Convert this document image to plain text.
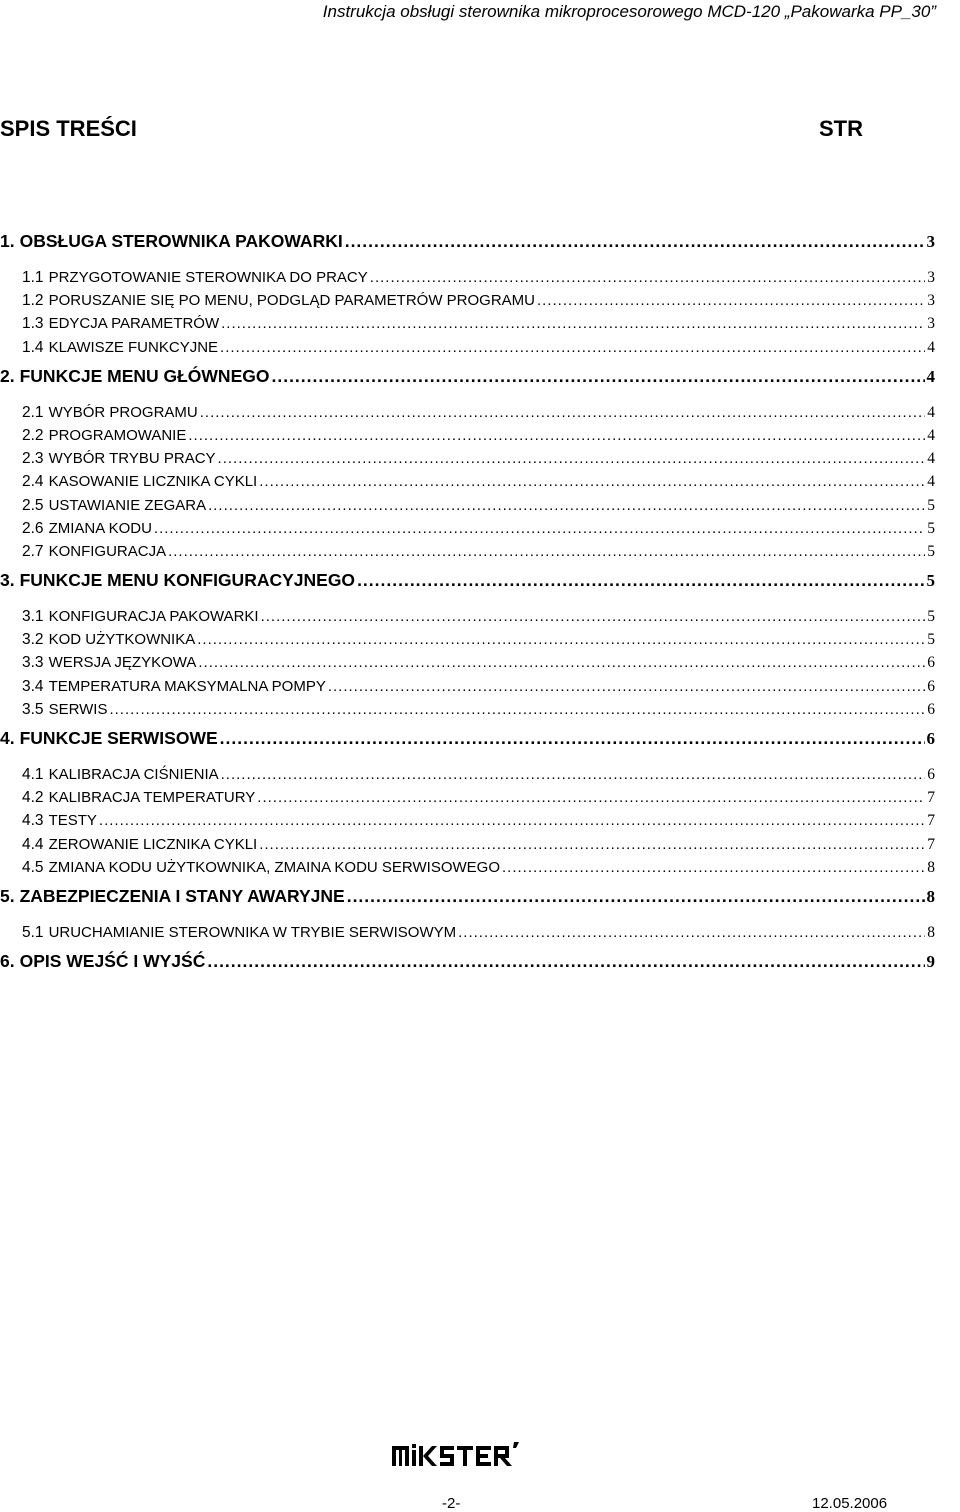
Instrukcja obsługi sterownika mikroprocesorowego MCD-120 „Pakowarka PP_30”
SPIS TREŚCI	STR
1. OBSŁUGA STEROWNIKA PAKOWARKI .....	3
1.1 PRZYGOTOWANIE STEROWNIKA DO PRACY .....	3
1.2 PORUSZANIE SIĘ PO MENU, PODGLĄD PARAMETRÓW PROGRAMU .....	3
1.3 EDYCJA PARAMETRÓW .....	3
1.4 KLAWISZE FUNKCYJNE .....	4
2. FUNKCJE MENU GŁÓWNEGO .....	4
2.1 WYBÓR PROGRAMU .....	4
2.2 PROGRAMOWANIE .....	4
2.3 WYBÓR TRYBU PRACY .....	4
2.4 KASOWANIE LICZNIKA CYKLI .....	4
2.5 USTAWIANIE ZEGARA .....	5
2.6 ZMIANA KODU .....	5
2.7 KONFIGURACJA .....	5
3. FUNKCJE MENU KONFIGURACYJNEGO .....	5
3.1 KONFIGURACJA PAKOWARKI .....	5
3.2 KOD UŻYTKOWNIKA .....	5
3.3 WERSJA JĘZYKOWA .....	6
3.4 TEMPERATURA MAKSYMALNA POMPY .....	6
3.5 SERWIS .....	6
4. FUNKCJE SERWISOWE .....	6
4.1 KALIBRACJA CIŚNIENIA .....	6
4.2 KALIBRACJA TEMPERATURY .....	7
4.3 TESTY .....	7
4.4 ZEROWANIE LICZNIKA CYKLI .....	7
4.5 ZMIANA KODU UŻYTKOWNIKA, ZMAINA KODU SERWISOWEGO .....	8
5. ZABEZPIECZENIA I STANY AWARYJNE .....	8
5.1 URUCHAMIANIE STEROWNIKA W TRYBIE SERWISOWYM .....	8
6. OPIS WEJŚĆ I WYJŚĆ .....	9
-2-	12.05.2006
